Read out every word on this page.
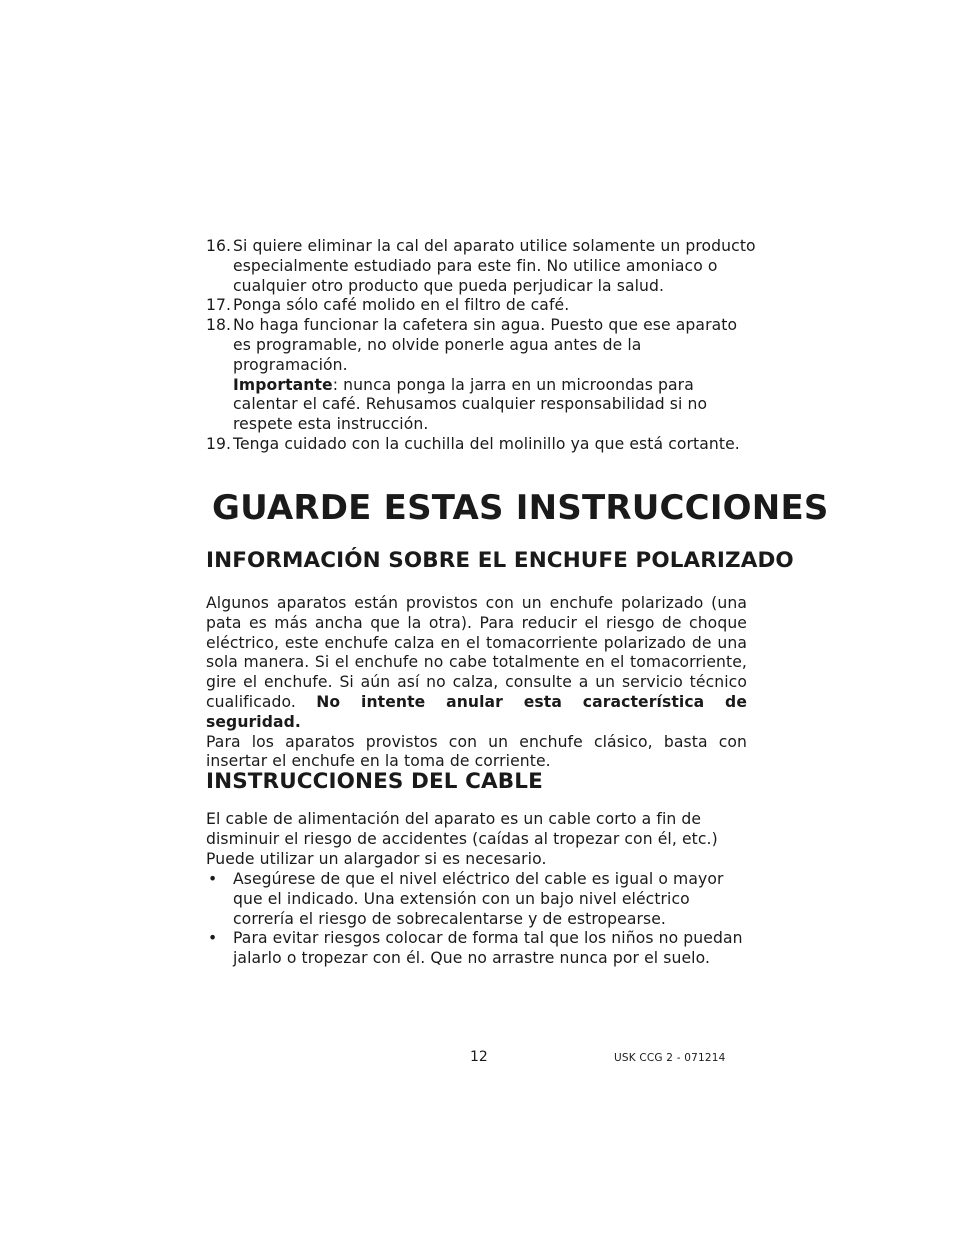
16. Si quiere eliminar la cal del aparato utilice solamente un producto especialmente estudiado para este fin. No utilice amoniaco o cualquier otro producto que pueda perjudicar la salud.
17. Ponga sólo café molido en el filtro de café.
18. No haga funcionar la cafetera sin agua. Puesto que ese aparato es programable, no olvide ponerle agua antes de la programación.
Importante: nunca ponga la jarra en un microondas para calentar el café. Rehusamos cualquier responsabilidad si no respete esta instrucción.
19. Tenga cuidado con la cuchilla del molinillo ya que está cortante.
GUARDE ESTAS INSTRUCCIONES
INFORMACIÓN SOBRE EL ENCHUFE POLARIZADO

Algunos aparatos están provistos con un enchufe polarizado (una pata es más ancha que la otra). Para reducir el riesgo de choque eléctrico, este enchufe calza en el tomacorriente polarizado de una sola manera. Si el enchufe no cabe totalmente en el tomacorriente, gire el enchufe. Si aún así no calza, consulte a un servicio técnico cualificado. No intente anular esta característica de seguridad.
Para los aparatos provistos con un enchufe clásico, basta con insertar el enchufe en la toma de corriente.

INSTRUCCIONES DEL CABLE

El cable de alimentación del aparato es un cable corto a fin de disminuir el riesgo de accidentes (caídas al tropezar con él, etc.) Puede utilizar un alargador si es necesario.

• Asegúrese de que el nivel eléctrico del cable es igual o mayor que el indicado. Una extensión con un bajo nivel eléctrico correría el riesgo de sobrecalentarse y de estropearse.
• Para evitar riesgos colocar de forma tal que los niños no puedan jalarlo o tropezar con él. Que no arrastre nunca por el suelo.
12	USK CCG 2 - 071214
